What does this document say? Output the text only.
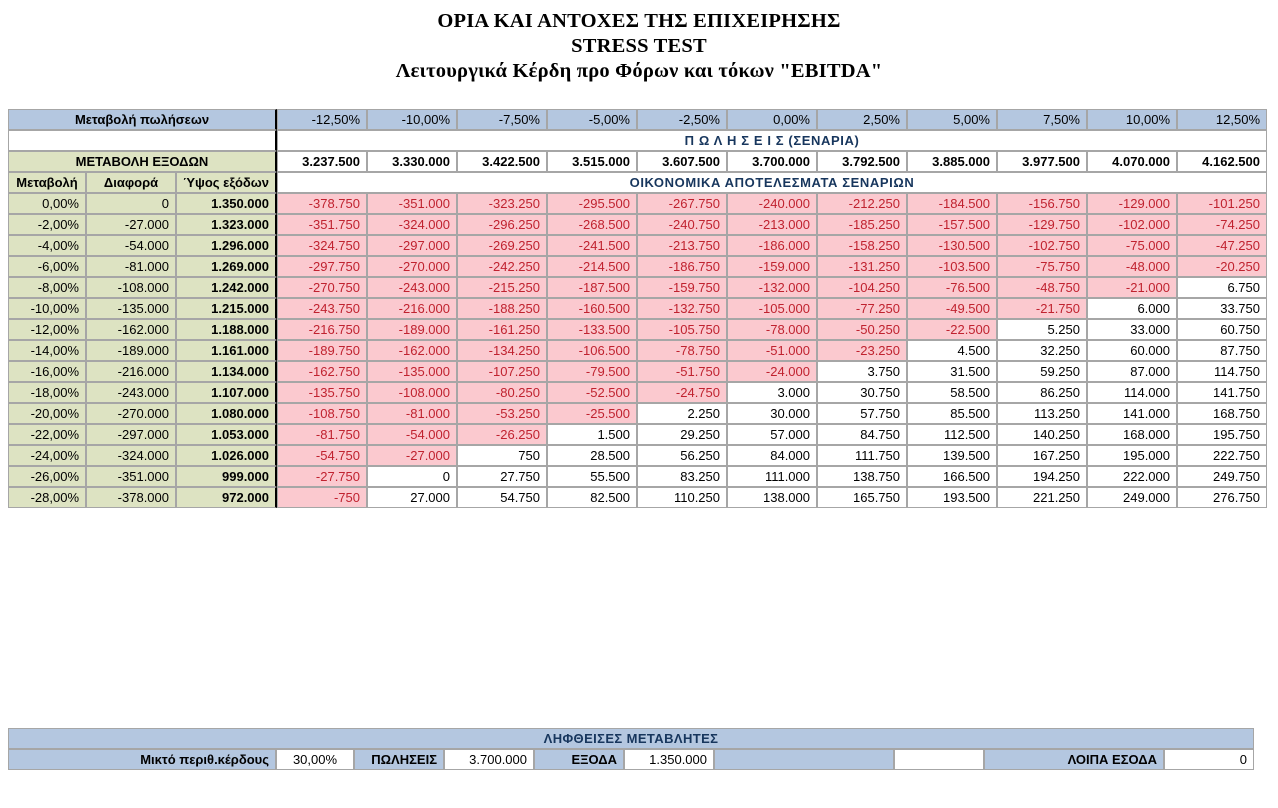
ΟΡΙΑ ΚΑΙ ΑΝΤΟΧΕΣ ΤΗΣ ΕΠΙΧΕΙΡΗΣΗΣ
STRESS TEST
Λειτουργικά Κέρδη προ Φόρων και τόκων "EBITDA"
Μεταβολή πωλήσεων			-12,50%	-10,00%	-7,50%	-5,00%	-2,50%	0,00%	2,50%	5,00%	7,50%	10,00%	12,50%
			Π Ω Λ Η Σ Ε Ι Σ (ΣΕΝΑΡΙΑ)										
ΜΕΤΑΒΟΛΗ ΕΞΟΔΩΝ			3.237.500	3.330.000	3.422.500	3.515.000	3.607.500	3.700.000	3.792.500	3.885.000	3.977.500	4.070.000	4.162.500
Μεταβολή	Διαφορά	Ύψος εξόδων	ΟΙΚΟΝΟΜΙΚΑ ΑΠΟΤΕΛΕΣΜΑΤΑ ΣΕΝΑΡΙΩΝ										
0,00%	0	1.350.000	-378.750	-351.000	-323.250	-295.500	-267.750	-240.000	-212.250	-184.500	-156.750	-129.000	-101.250
-2,00%	-27.000	1.323.000	-351.750	-324.000	-296.250	-268.500	-240.750	-213.000	-185.250	-157.500	-129.750	-102.000	-74.250
-4,00%	-54.000	1.296.000	-324.750	-297.000	-269.250	-241.500	-213.750	-186.000	-158.250	-130.500	-102.750	-75.000	-47.250
-6,00%	-81.000	1.269.000	-297.750	-270.000	-242.250	-214.500	-186.750	-159.000	-131.250	-103.500	-75.750	-48.000	-20.250
-8,00%	-108.000	1.242.000	-270.750	-243.000	-215.250	-187.500	-159.750	-132.000	-104.250	-76.500	-48.750	-21.000	6.750
-10,00%	-135.000	1.215.000	-243.750	-216.000	-188.250	-160.500	-132.750	-105.000	-77.250	-49.500	-21.750	6.000	33.750
-12,00%	-162.000	1.188.000	-216.750	-189.000	-161.250	-133.500	-105.750	-78.000	-50.250	-22.500	5.250	33.000	60.750
-14,00%	-189.000	1.161.000	-189.750	-162.000	-134.250	-106.500	-78.750	-51.000	-23.250	4.500	32.250	60.000	87.750
-16,00%	-216.000	1.134.000	-162.750	-135.000	-107.250	-79.500	-51.750	-24.000	3.750	31.500	59.250	87.000	114.750
-18,00%	-243.000	1.107.000	-135.750	-108.000	-80.250	-52.500	-24.750	3.000	30.750	58.500	86.250	114.000	141.750
-20,00%	-270.000	1.080.000	-108.750	-81.000	-53.250	-25.500	2.250	30.000	57.750	85.500	113.250	141.000	168.750
-22,00%	-297.000	1.053.000	-81.750	-54.000	-26.250	1.500	29.250	57.000	84.750	112.500	140.250	168.000	195.750
-24,00%	-324.000	1.026.000	-54.750	-27.000	750	28.500	56.250	84.000	111.750	139.500	167.250	195.000	222.750
-26,00%	-351.000	999.000	-27.750	0	27.750	55.500	83.250	111.000	138.750	166.500	194.250	222.000	249.750
-28,00%	-378.000	972.000	-750	27.000	54.750	82.500	110.250	138.000	165.750	193.500	221.250	249.000	276.750
ΛΗΦΘΕΙΣΕΣ ΜΕΤΑΒΛΗΤΕΣ
Μικτό περιθ.κέρδους	30,00%	ΠΩΛΗΣΕΙΣ	3.700.000	ΕΞΟΔΑ	1.350.000			ΛΟΙΠΑ ΕΣΟΔΑ	0
